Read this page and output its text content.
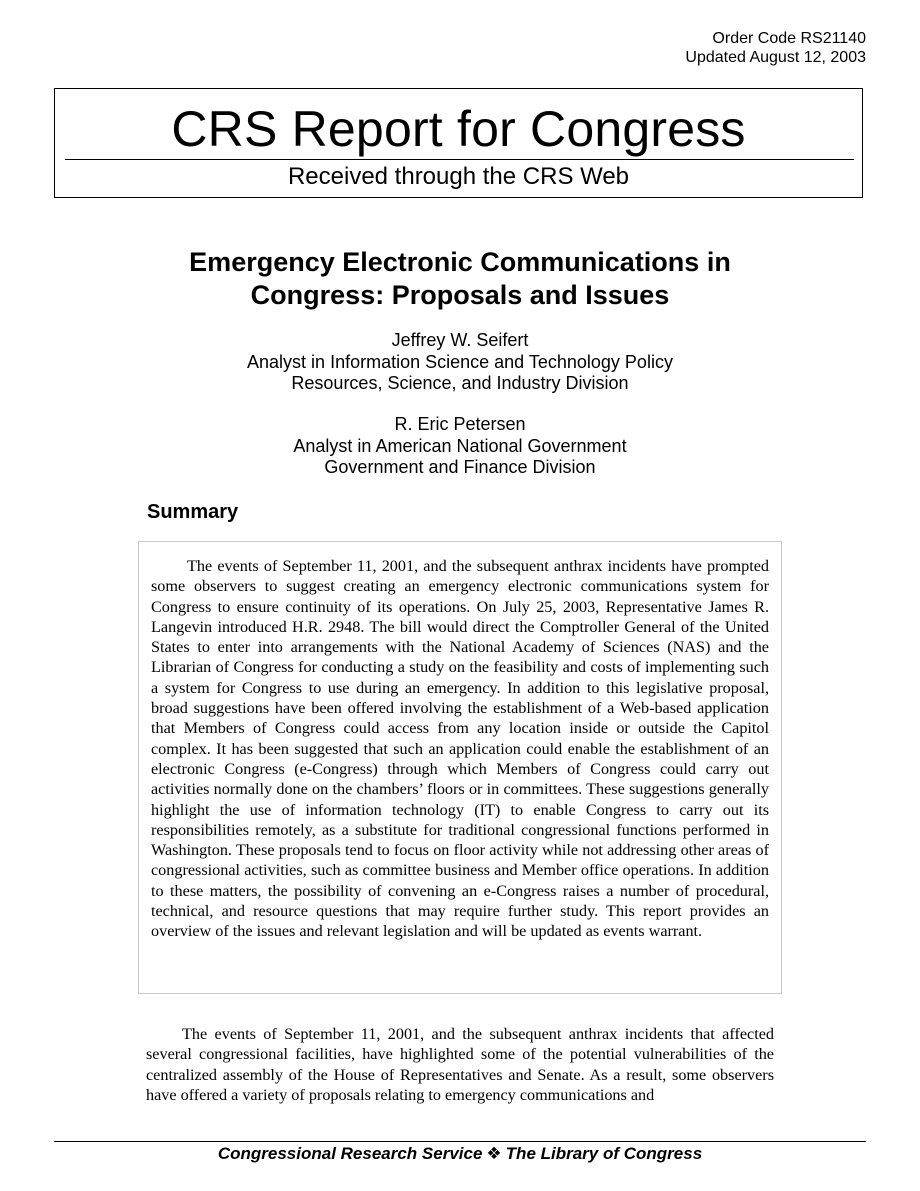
Order Code RS21140
Updated August 12, 2003
CRS Report for Congress
Received through the CRS Web
Emergency Electronic Communications in
Congress: Proposals and Issues
Jeffrey W. Seifert
Analyst in Information Science and Technology Policy
Resources, Science, and Industry Division
R. Eric Petersen
Analyst in American National Government
Government and Finance Division
Summary

The events of September 11, 2001, and the subsequent anthrax incidents have prompted some observers to suggest creating an emergency electronic communications system for Congress to ensure continuity of its operations. On July 25, 2003, Representative James R. Langevin introduced H.R. 2948. The bill would direct the Comptroller General of the United States to enter into arrangements with the National Academy of Sciences (NAS) and the Librarian of Congress for conducting a study on the feasibility and costs of implementing such a system for Congress to use during an emergency. In addition to this legislative proposal, broad suggestions have been offered involving the establishment of a Web-based application that Members of Congress could access from any location inside or outside the Capitol complex. It has been suggested that such an application could enable the establishment of an electronic Congress (e-Congress) through which Members of Congress could carry out activities normally done on the chambers’ floors or in committees. These suggestions generally highlight the use of information technology (IT) to enable Congress to carry out its responsibilities remotely, as a substitute for traditional congressional functions performed in Washington. These proposals tend to focus on floor activity while not addressing other areas of congressional activities, such as committee business and Member office operations. In addition to these matters, the possibility of convening an e-Congress raises a number of procedural, technical, and resource questions that may require further study. This report provides an overview of the issues and relevant legislation and will be updated as events warrant.

The events of September 11, 2001, and the subsequent anthrax incidents that affected several congressional facilities, have highlighted some of the potential vulnerabilities of the centralized assembly of the House of Representatives and Senate. As a result, some observers have offered a variety of proposals relating to emergency communications and

Congressional Research Service ❖ The Library of Congress
